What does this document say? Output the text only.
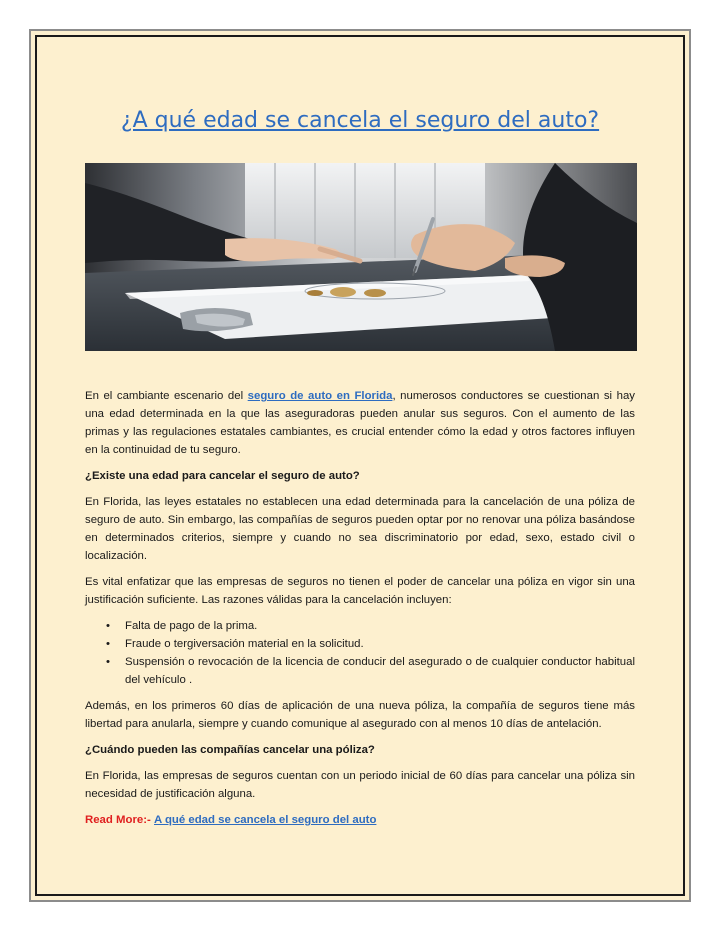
¿A qué edad se cancela el seguro del auto?

En el cambiante escenario del seguro de auto en Florida, numerosos conductores se cuestionan si hay una edad determinada en la que las aseguradoras pueden anular sus seguros. Con el aumento de las primas y las regulaciones estatales cambiantes, es crucial entender cómo la edad y otros factores influyen en la continuidad de tu seguro.

¿Existe una edad para cancelar el seguro de auto?

En Florida, las leyes estatales no establecen una edad determinada para la cancelación de una póliza de seguro de auto. Sin embargo, las compañías de seguros pueden optar por no renovar una póliza basándose en determinados criterios, siempre y cuando no sea discriminatorio por edad, sexo, estado civil o localización.

Es vital enfatizar que las empresas de seguros no tienen el poder de cancelar una póliza en vigor sin una justificación suficiente. Las razones válidas para la cancelación incluyen:

• Falta de pago de la prima.
• Fraude o tergiversación material en la solicitud.
• Suspensión o revocación de la licencia de conducir del asegurado o de cualquier conductor habitual del vehículo .

Además, en los primeros 60 días de aplicación de una nueva póliza, la compañía de seguros tiene más libertad para anularla, siempre y cuando comunique al asegurado con al menos 10 días de antelación.

¿Cuándo pueden las compañías cancelar una póliza?

En Florida, las empresas de seguros cuentan con un periodo inicial de 60 días para cancelar una póliza sin necesidad de justificación alguna.

Read More:- A qué edad se cancela el seguro del auto
